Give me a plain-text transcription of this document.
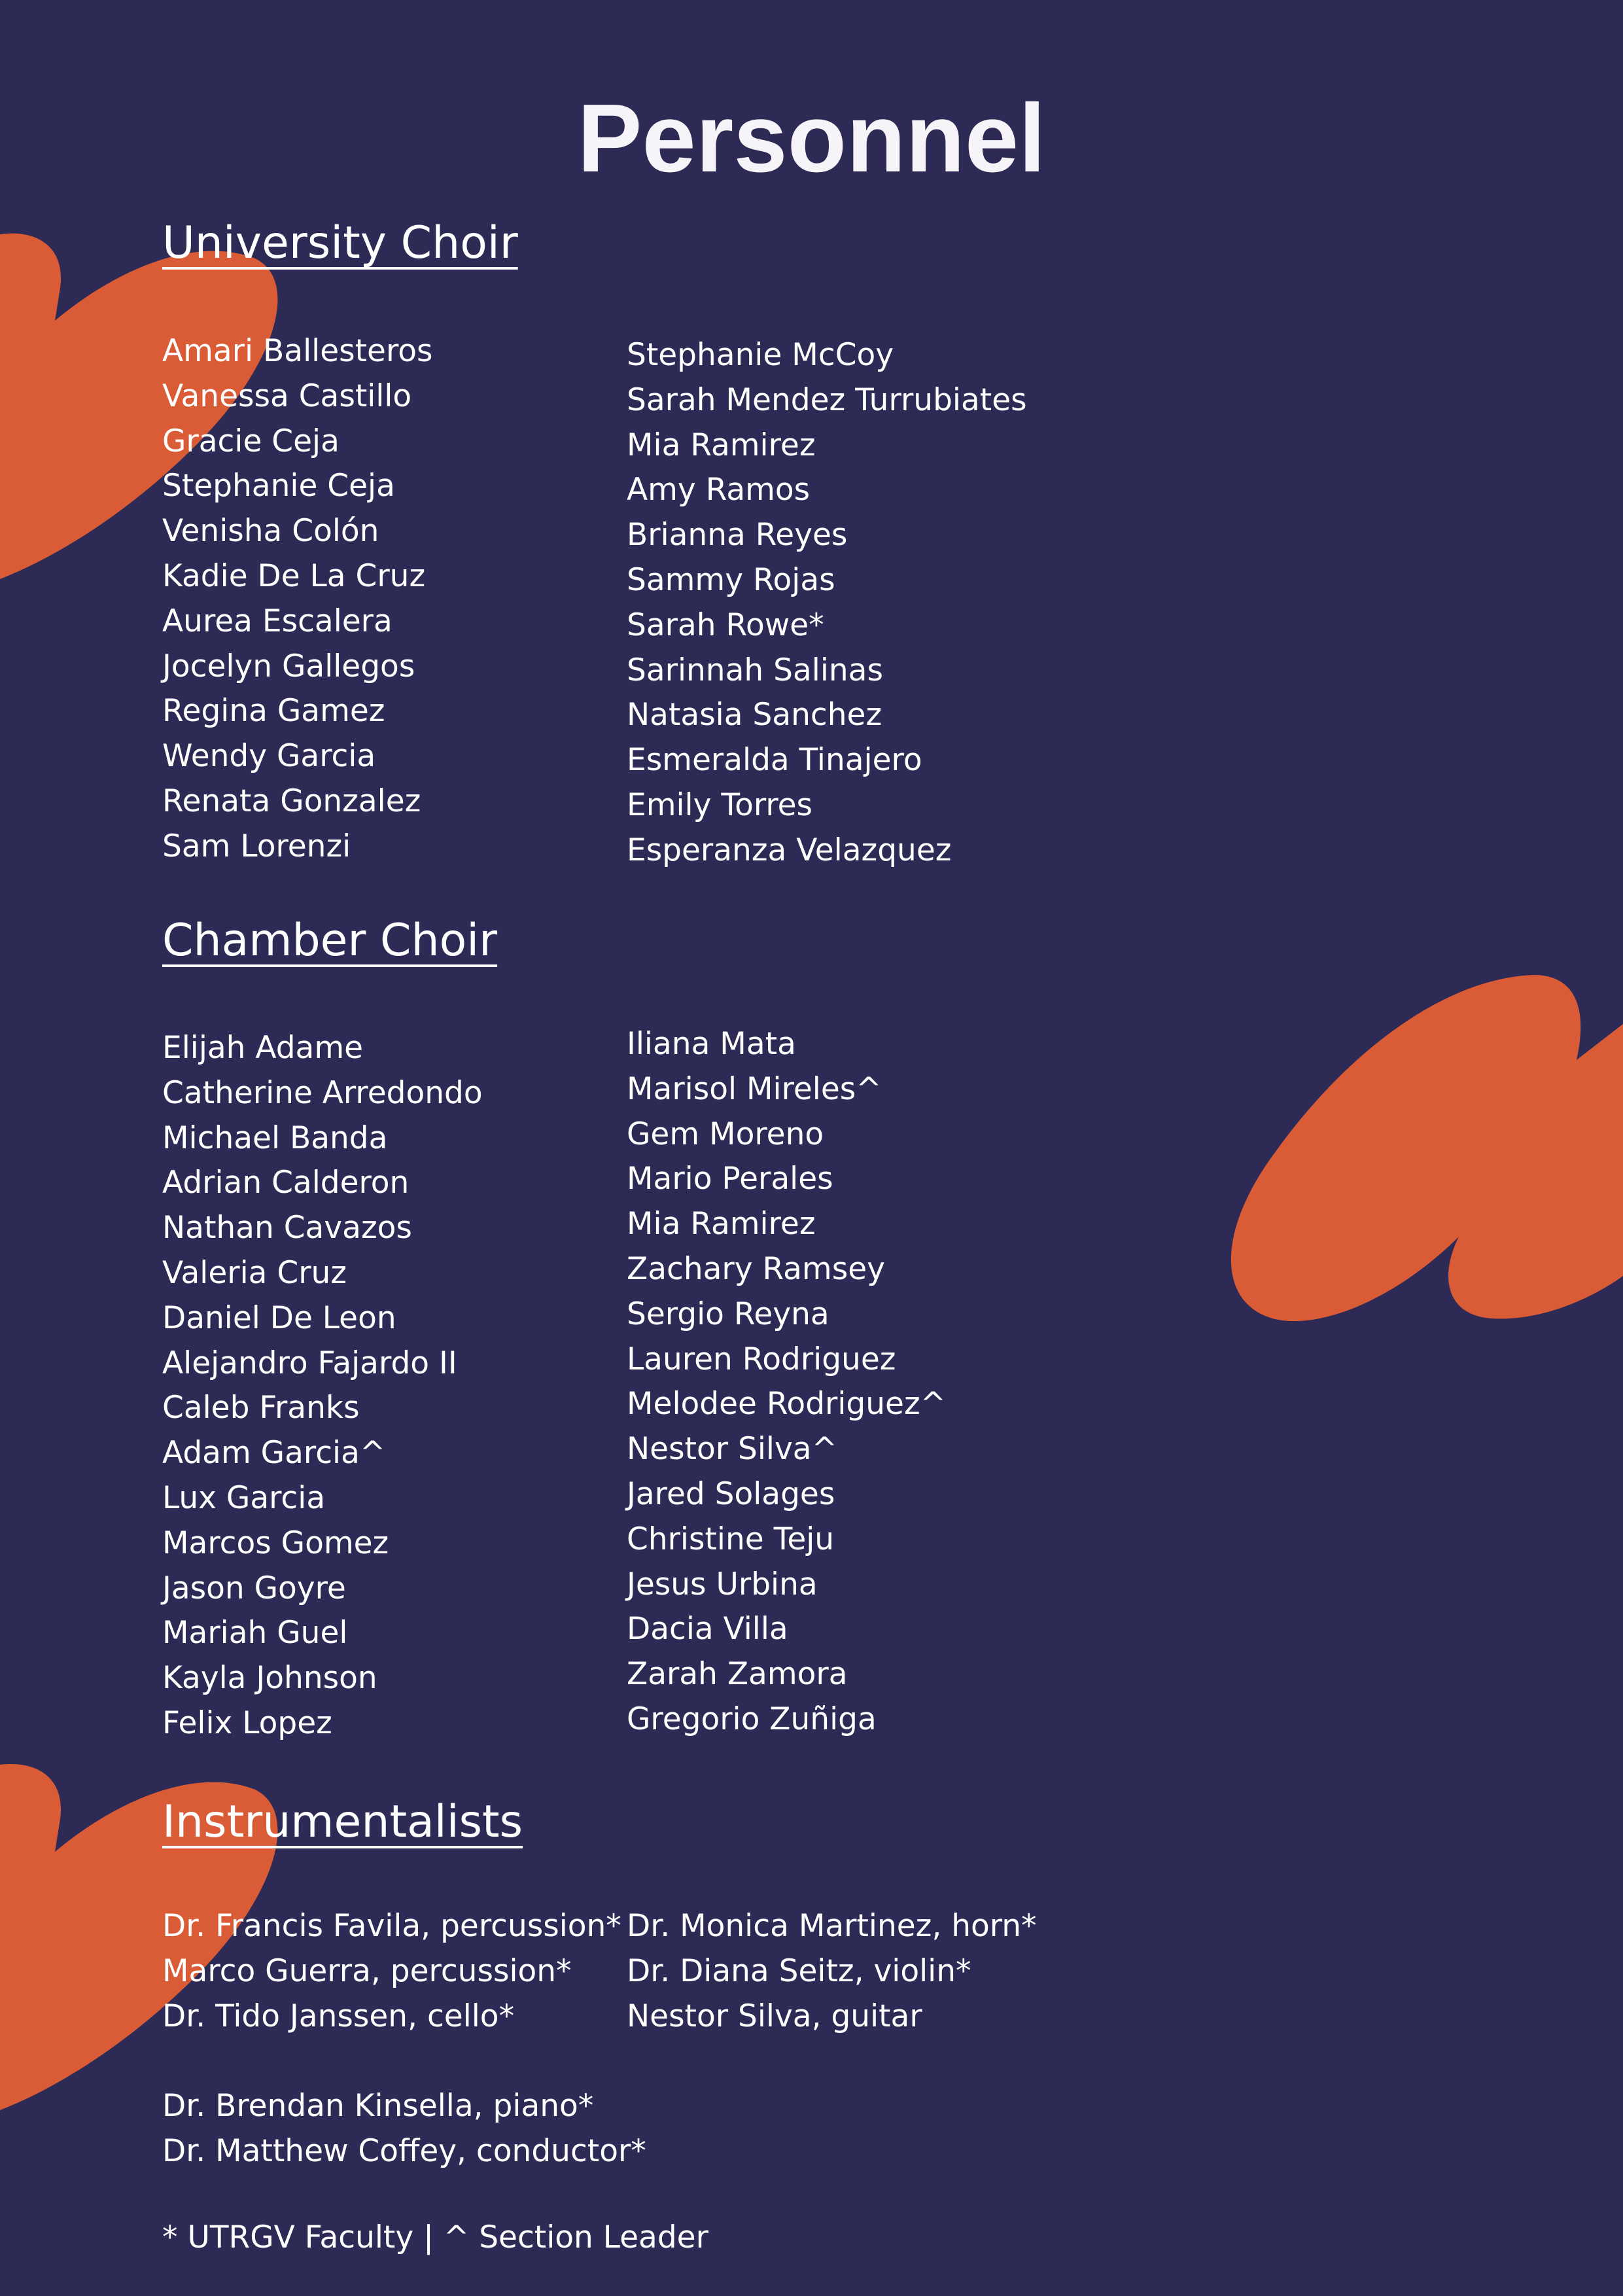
Personnel
University Choir
Amari Ballesteros
Vanessa Castillo
Gracie Ceja
Stephanie Ceja
Venisha Colón
Kadie De La Cruz
Aurea Escalera
Jocelyn Gallegos
Regina Gamez
Wendy Garcia
Renata Gonzalez
Sam Lorenzi
Stephanie McCoy
Sarah Mendez Turrubiates
Mia Ramirez
Amy Ramos
Brianna Reyes
Sammy Rojas
Sarah Rowe*
Sarinnah Salinas
Natasia Sanchez
Esmeralda Tinajero
Emily Torres
Esperanza Velazquez
Chamber Choir
Elijah Adame
Catherine Arredondo
Michael Banda
Adrian Calderon
Nathan Cavazos
Valeria Cruz
Daniel De Leon
Alejandro Fajardo II
Caleb Franks
Adam Garcia^
Lux Garcia
Marcos Gomez
Jason Goyre
Mariah Guel
Kayla Johnson
Felix Lopez
Iliana Mata
Marisol Mireles^
Gem Moreno
Mario Perales
Mia Ramirez
Zachary Ramsey
Sergio Reyna
Lauren Rodriguez
Melodee Rodriguez^
Nestor Silva^
Jared Solages
Christine Teju
Jesus Urbina
Dacia Villa
Zarah Zamora
Gregorio Zuñiga
Instrumentalists
Dr. Francis Favila, percussion*
Marco Guerra, percussion*
Dr. Tido Janssen, cello*
Dr. Monica Martinez, horn*
Dr. Diana Seitz, violin*
Nestor Silva, guitar
Dr. Brendan Kinsella, piano*
Dr. Matthew Coffey, conductor*
* UTRGV Faculty | ^ Section Leader
